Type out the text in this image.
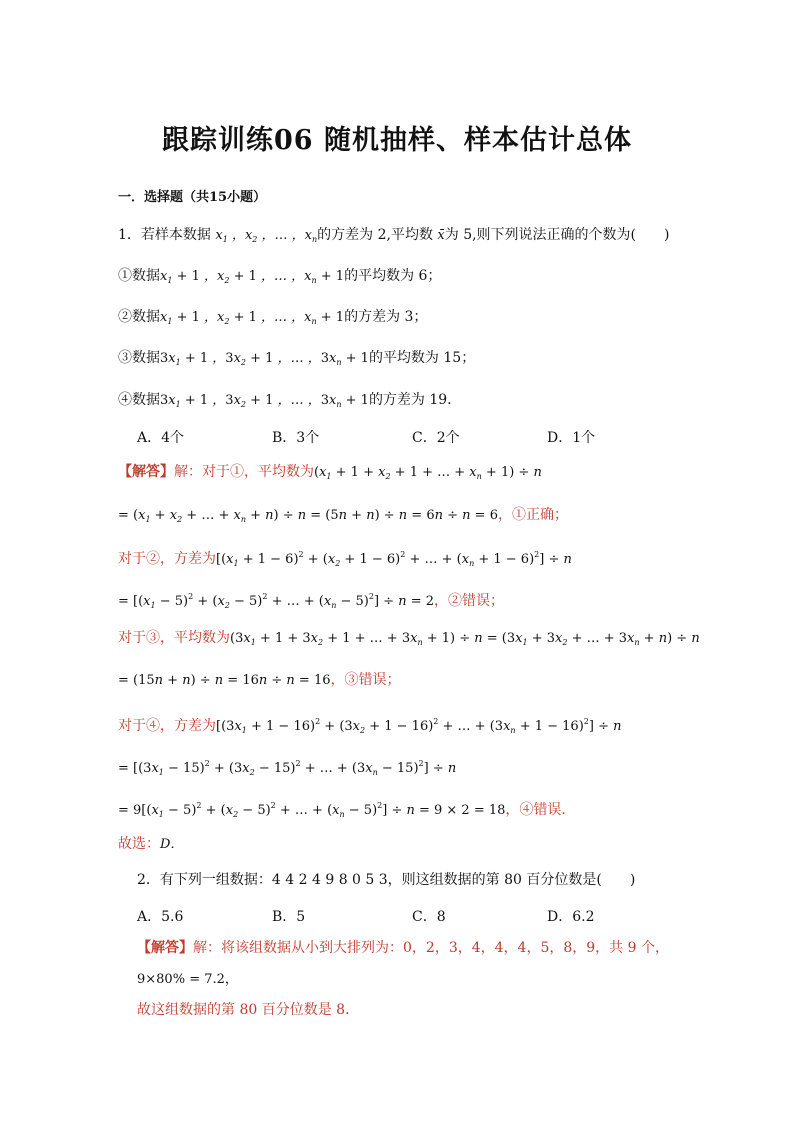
跟踪训练06 随机抽样、样本估计总体
一．选择题（共15小题）
1．若样本数据 $x_1$ ，$x_2$ ，… ，$x_n$的方差为 2,平均数 x̄为 5,则下列说法正确的个数为(   )
①数据$x_1 + 1$ ，$x_2 + 1$ ，… ，$x_n + 1$的平均数为 6；
②数据$x_1 + 1$ ，$x_2 + 1$ ，… ，$x_n + 1$的方差为 3；
③数据$3x_1 + 1$ ，$3x_2 + 1$ ，… ，$3x_n + 1$的平均数为 15；
④数据$3x_1 + 1$ ，$3x_2 + 1$ ，… ，$3x_n + 1$的方差为 19．
A．4个	B．3个	C．2个	D．1个
【解答】解：对于①，平均数为($x_1 + 1 + x_2 + 1$ + … + $x_n + 1) \div n$
= ($x_1 + x_2$ + … + $x_n + n) \div n = (5n + n) \div n = 6n \div n = 6$，①正确；
对于②，方差为[$(x_1 + 1 - 6)^2 + (x_2 + 1 - 6)^2$ + … + $(x_n + 1 - 6)^2] \div n$
= [$(x_1 - 5)^2 + (x_2 - 5)^2$ + … + $(x_n - 5)^2] \div n = 2$，②错误；
对于③，平均数为($3x_1 + 1 + 3x_2 + 1$ + … + $3x_n + 1) \div n = (3x_1 + 3x_2$ + … + $3x_n + n) \div n$
= (15n + n) ÷ n = 16n ÷ n = 16，③错误；
对于④，方差为[$(3x_1 + 1 - 16)^2 + (3x_2 + 1 - 16)^2$ + … + $(3x_n + 1 - 16)^2] \div n$
= [$(3x_1 - 15)^2 + (3x_2 - 15)^2$ + … + $(3x_n - 15)^2] \div n$
= $9[(x_1 - 5)^2 + (x_2 - 5)^2$ + … + $(x_n - 5)^2] \div n = 9 \times 2 = 18$，④错误．
故选：D．
2．有下列一组数据：4 4 2 4 9 8 0 5 3，则这组数据的第 80 百分位数是(   )
A．5.6	B．5	C．8	D．6.2
【解答】解：将该组数据从小到大排列为：0，2，3，4，4，4，5，8，9，共 9 个，
9×80% = 7.2，
故这组数据的第 80 百分位数是 8．
